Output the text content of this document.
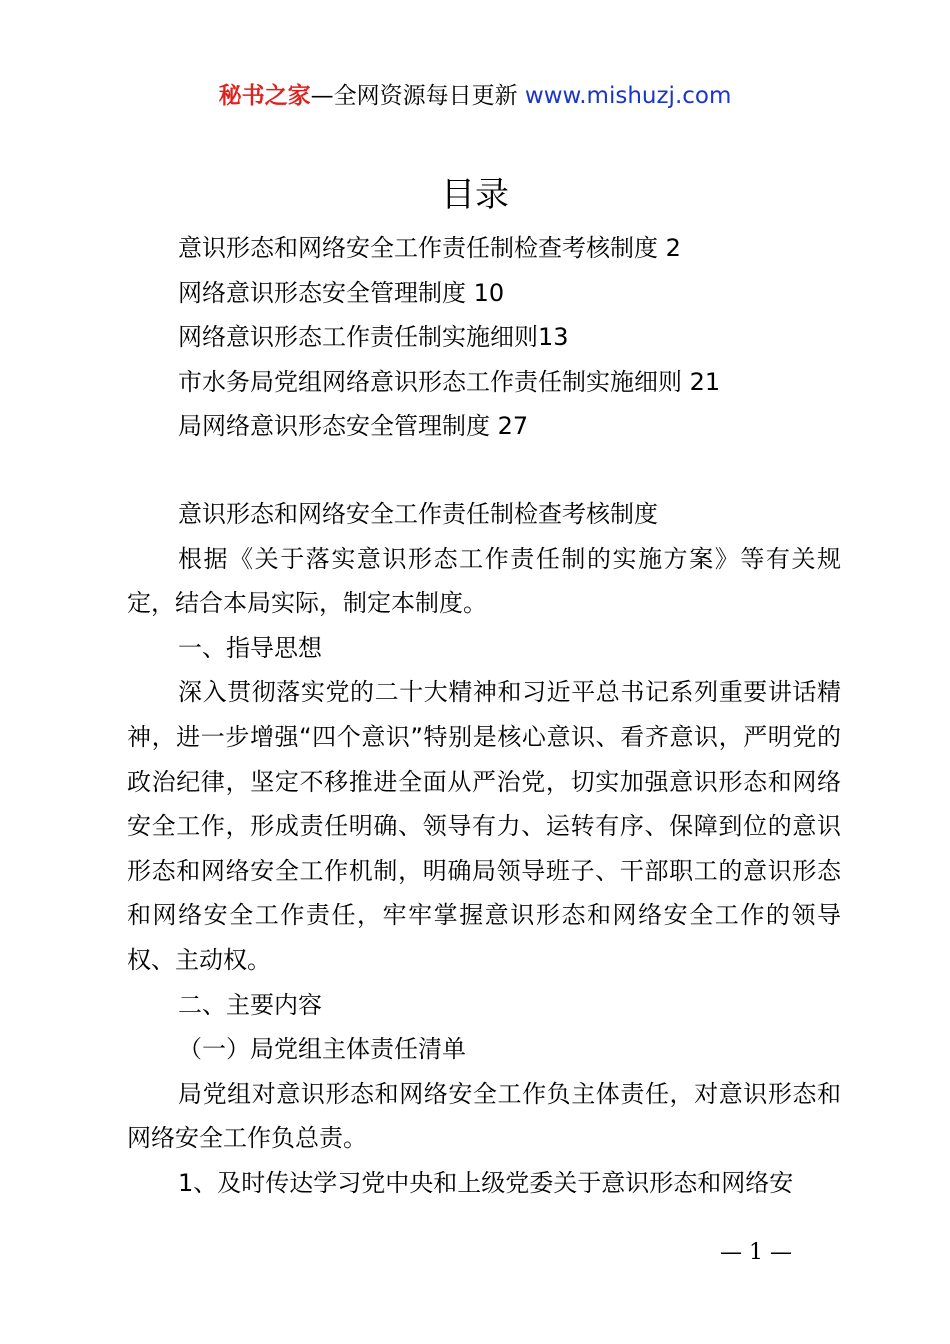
秘书之家—全网资源每日更新 www.mishuzj.com
目录
意识形态和网络安全工作责任制检查考核制度 2
网络意识形态安全管理制度 10
网络意识形态工作责任制实施细则13
市水务局党组网络意识形态工作责任制实施细则 21
局网络意识形态安全管理制度 27

意识形态和网络安全工作责任制检查考核制度

根据《关于落实意识形态工作责任制的实施方案》等有关规定，结合本局实际，制定本制度。

一、指导思想

深入贯彻落实党的二十大精神和习近平总书记系列重要讲话精神，进一步增强“四个意识”特别是核心意识、看齐意识，严明党的政治纪律，坚定不移推进全面从严治党，切实加强意识形态和网络安全工作，形成责任明确、领导有力、运转有序、保障到位的意识形态和网络安全工作机制，明确局领导班子、干部职工的意识形态和网络安全工作责任，牢牢掌握意识形态和网络安全工作的领导权、主动权。

二、主要内容

（一）局党组主体责任清单

局党组对意识形态和网络安全工作负主体责任，对意识形态和网络安全工作负总责。

1、及时传达学习党中央和上级党委关于意识形态和网络安

— 1 —
